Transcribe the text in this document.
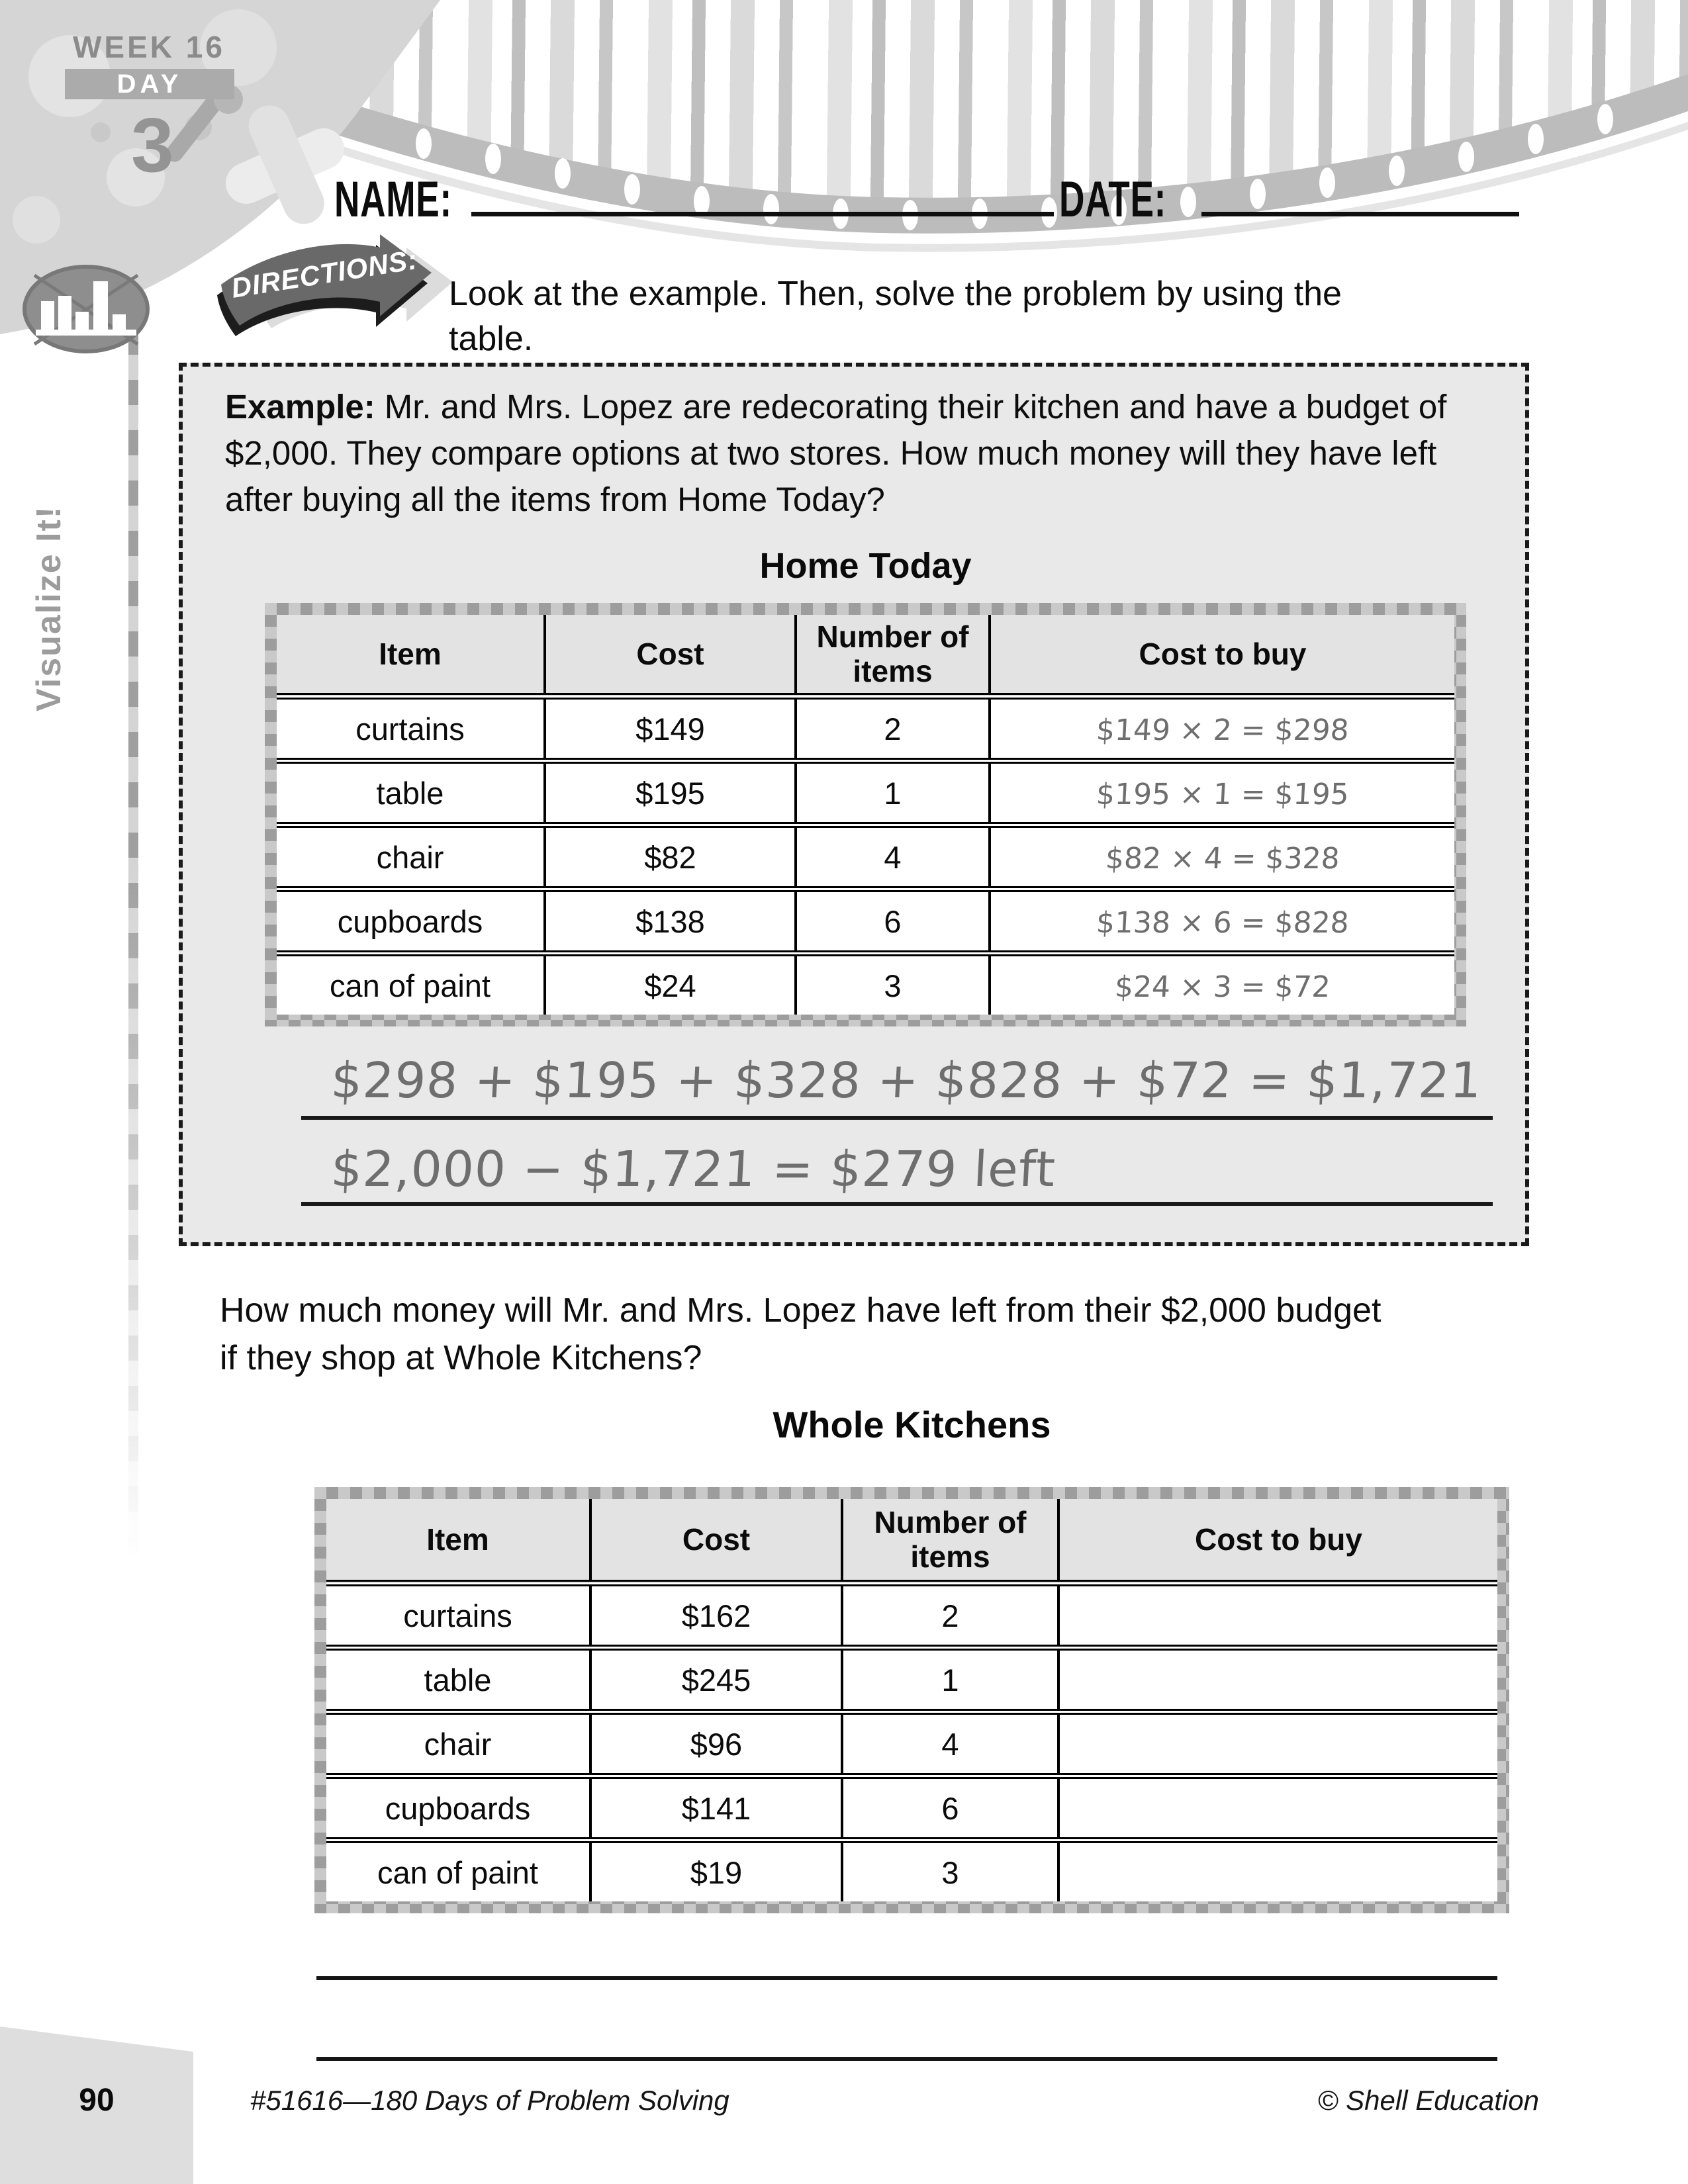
WEEK 16
DAY
3
Visualize It!
NAME:	DATE:
DIRECTIONS: Look at the example. Then, solve the problem by using the table.
Example: Mr. and Mrs. Lopez are redecorating their kitchen and have a budget of $2,000. They compare options at two stores. How much money will they have left after buying all the items from Home Today?
Home Today
Item	Cost	Number of items	Cost to buy
curtains	$149	2	$149 × 2 = $298
table	$195	1	$195 × 1 = $195
chair	$82	4	$82 × 4 = $328
cupboards	$138	6	$138 × 6 = $828
can of paint	$24	3	$24 × 3 = $72
$298 + $195 + $328 + $828 + $72 = $1,721
$2,000 − $1,721 = $279 left
How much money will Mr. and Mrs. Lopez have left from their $2,000 budget if they shop at Whole Kitchens?
Whole Kitchens
Item	Cost	Number of items	Cost to buy
curtains	$162	2	
table	$245	1	
chair	$96	4	
cupboards	$141	6	
can of paint	$19	3	
90	#51616—180 Days of Problem Solving	© Shell Education
